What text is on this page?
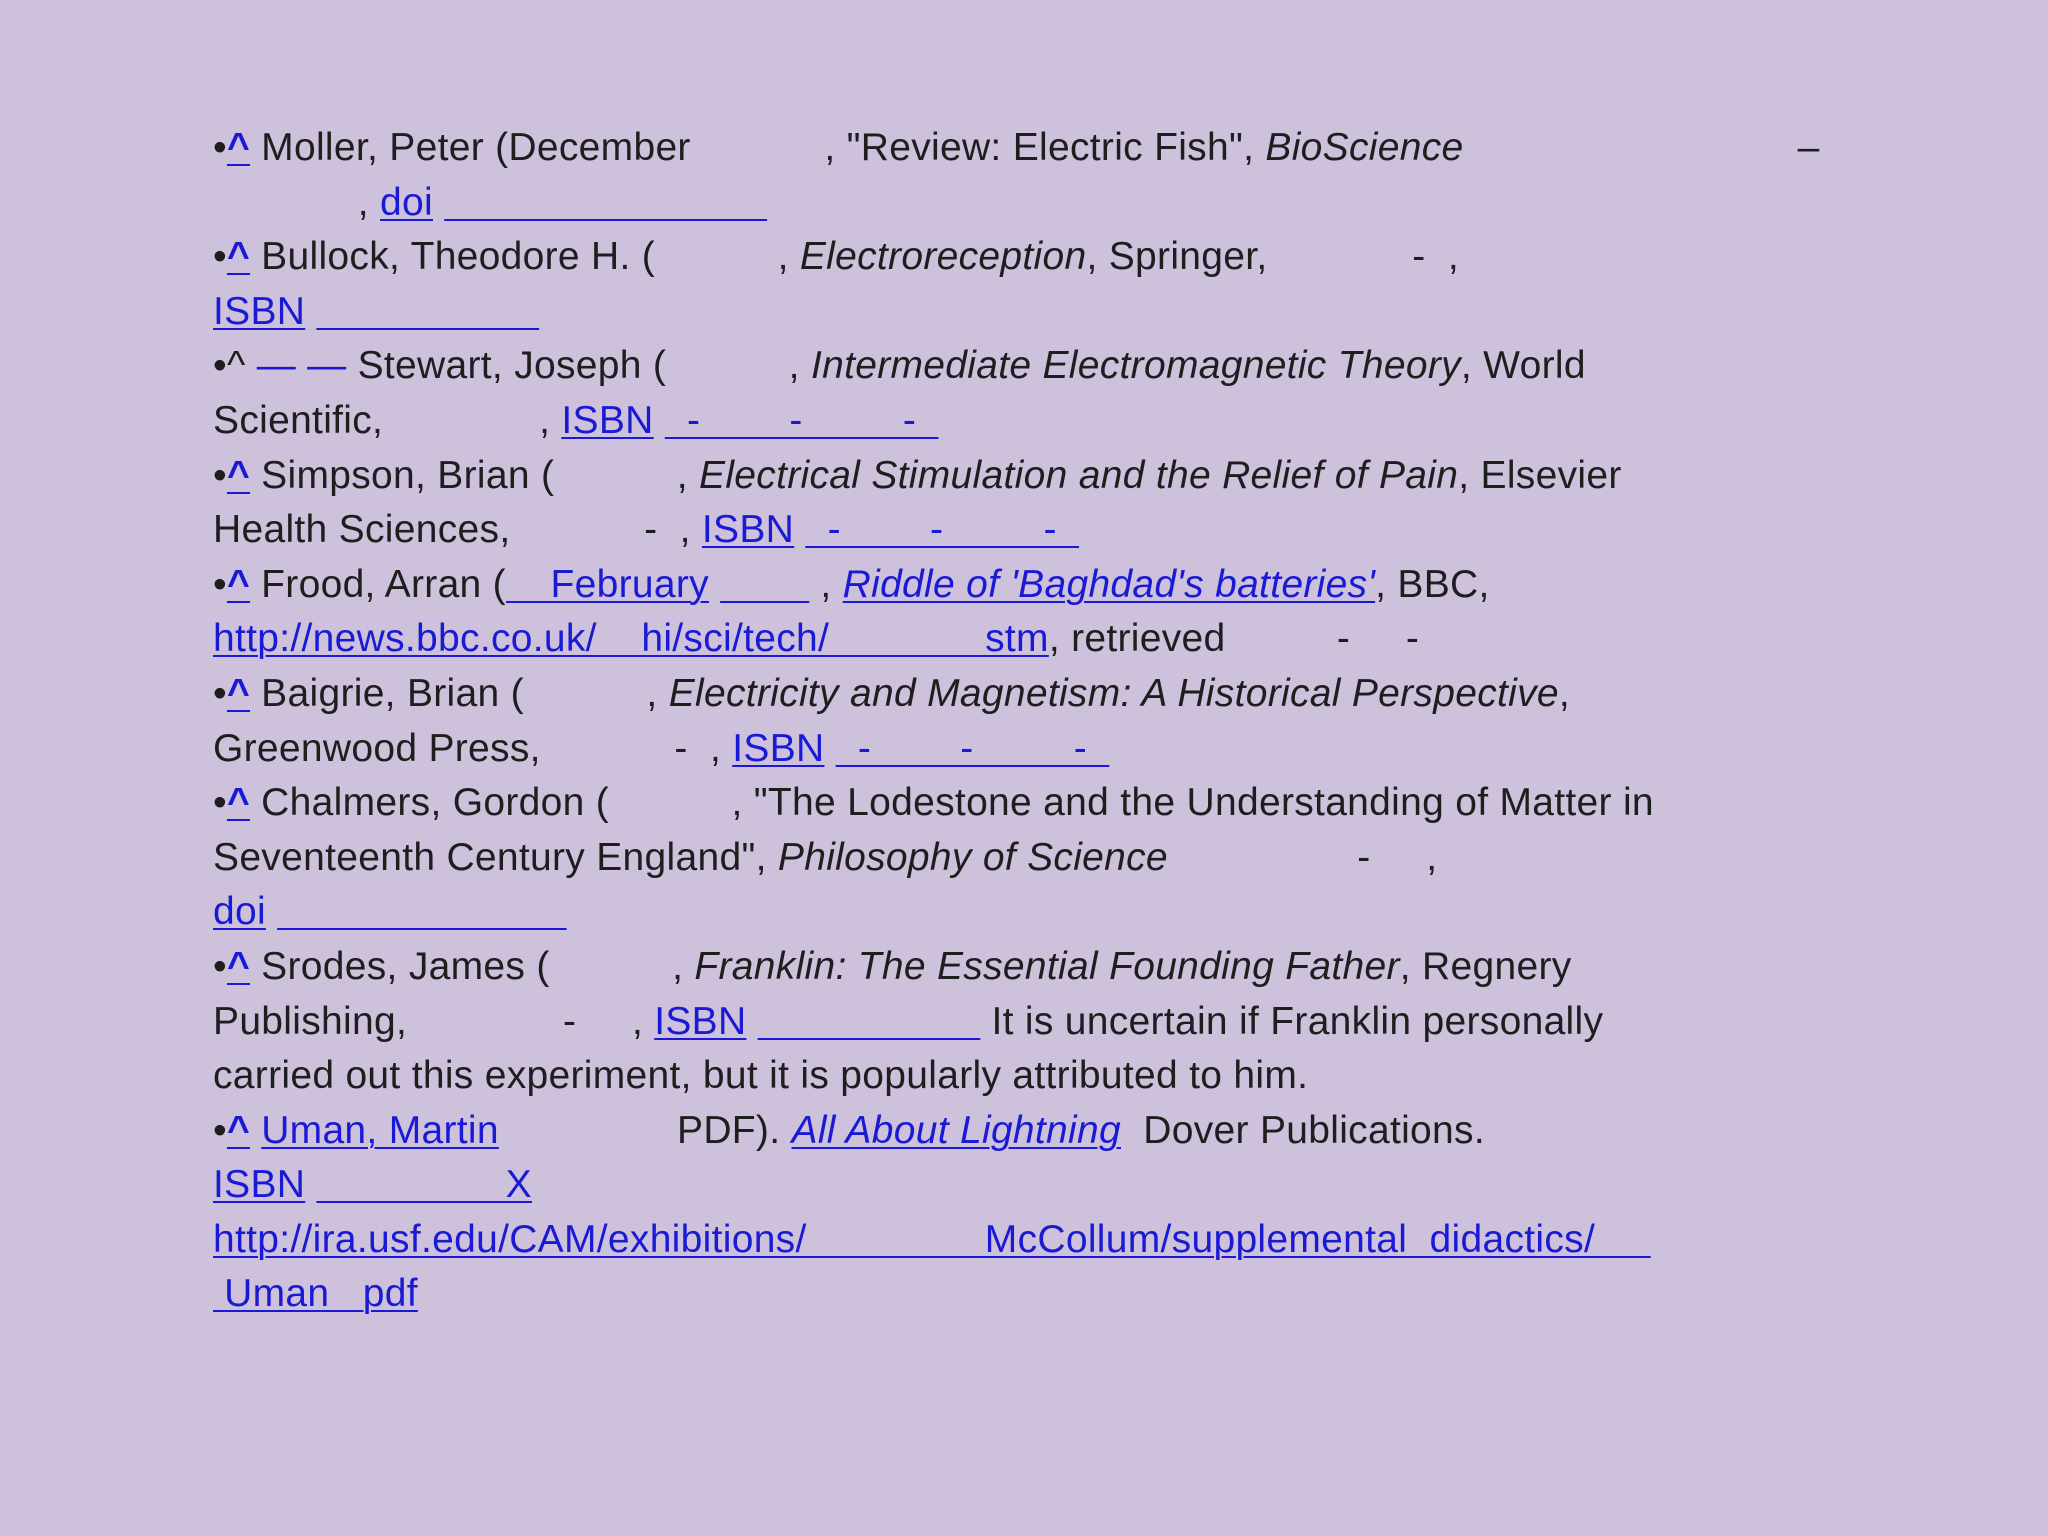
•^ Moller, Peter (December            , "Review: Electric Fish", BioScience                              –
, doi
•^ Bullock, Theodore H. (           , Electroreception, Springer,             -  ,
ISBN
•^ — — Stewart, Joseph (           , Intermediate Electromagnetic Theory, World
Scientific,              , ISBN   -        -         -
•^ Simpson, Brian (           , Electrical Stimulation and the Relief of Pain, Elsevier
Health Sciences,            -  , ISBN   -        -         -
•^ Frood, Arran (    February	, Riddle of 'Baghdad's batteries', BBC,
http://news.bbc.co.uk/    hi/sci/tech/              stm, retrieved          -     -
•^ Baigrie, Brian (           , Electricity and Magnetism: A Historical Perspective,
Greenwood Press,            -  , ISBN   -        -         -
•^ Chalmers, Gordon (           , "The Lodestone and the Understanding of Matter in
Seventeenth Century England", Philosophy of Science                 -     ,
doi
•^ Srodes, James (           , Franklin: The Essential Founding Father, Regnery
Publishing,              -     , ISBN	It is uncertain if Franklin personally
carried out this experiment, but it is popularly attributed to him.
•^ Uman, Martin                PDF). All About Lightning  Dover Publications.
ISBN                  X
http://ira.usf.edu/CAM/exhibitions/                McCollum/supplemental  didactics/
Uman   pdf
